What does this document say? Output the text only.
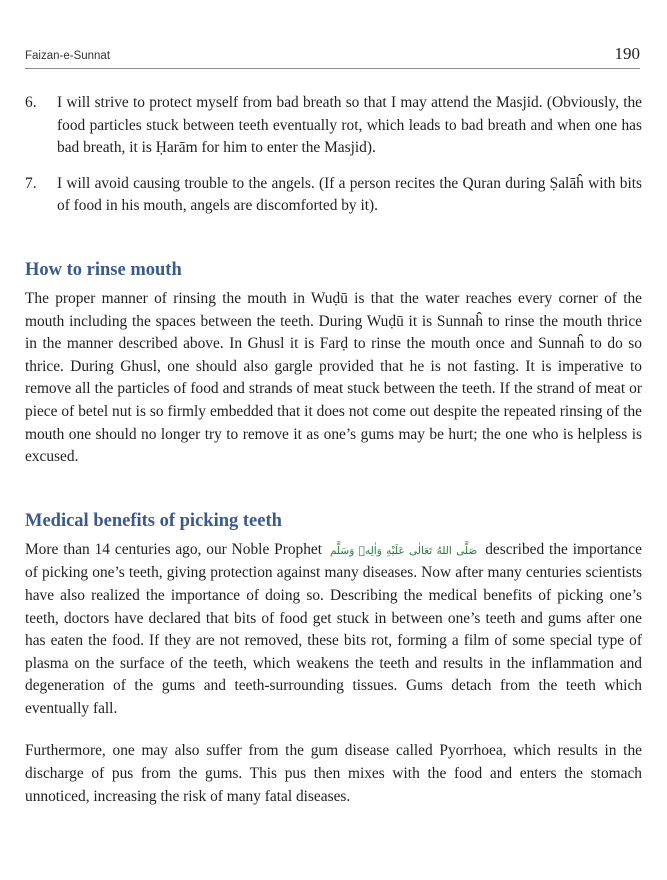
Faizan-e-Sunnat	190
6. I will strive to protect myself from bad breath so that I may attend the Masjid. (Obviously, the food particles stuck between teeth eventually rot, which leads to bad breath and when one has bad breath, it is Ḥarām for him to enter the Masjid).
7. I will avoid causing trouble to the angels. (If a person recites the Quran during Ṣalāĥ with bits of food in his mouth, angels are discomforted by it).
How to rinse mouth

The proper manner of rinsing the mouth in Wuḍū is that the water reaches every corner of the mouth including the spaces between the teeth. During Wuḍū it is Sunnaĥ to rinse the mouth thrice in the manner described above. In Ghusl it is Farḍ to rinse the mouth once and Sunnaĥ to do so thrice. During Ghusl, one should also gargle provided that he is not fasting. It is imperative to remove all the particles of food and strands of meat stuck between the teeth. If the strand of meat or piece of betel nut is so firmly embedded that it does not come out despite the repeated rinsing of the mouth one should no longer try to remove it as one’s gums may be hurt; the one who is helpless is excused.

Medical benefits of picking teeth

More than 14 centuries ago, our Noble Prophet صَلَّى اللهُ تَعَالٰى عَلَيْهِ وَاٰلِهٖ وَسَلَّم described the importance of picking one’s teeth, giving protection against many diseases. Now after many centuries scientists have also realized the importance of doing so. Describing the medical benefits of picking one’s teeth, doctors have declared that bits of food get stuck in between one’s teeth and gums after one has eaten the food. If they are not removed, these bits rot, forming a film of some special type of plasma on the surface of the teeth, which weakens the teeth and results in the inflammation and degeneration of the gums and teeth-surrounding tissues. Gums detach from the teeth which eventually fall.

Furthermore, one may also suffer from the gum disease called Pyorrhoea, which results in the discharge of pus from the gums. This pus then mixes with the food and enters the stomach unnoticed, increasing the risk of many fatal diseases.
